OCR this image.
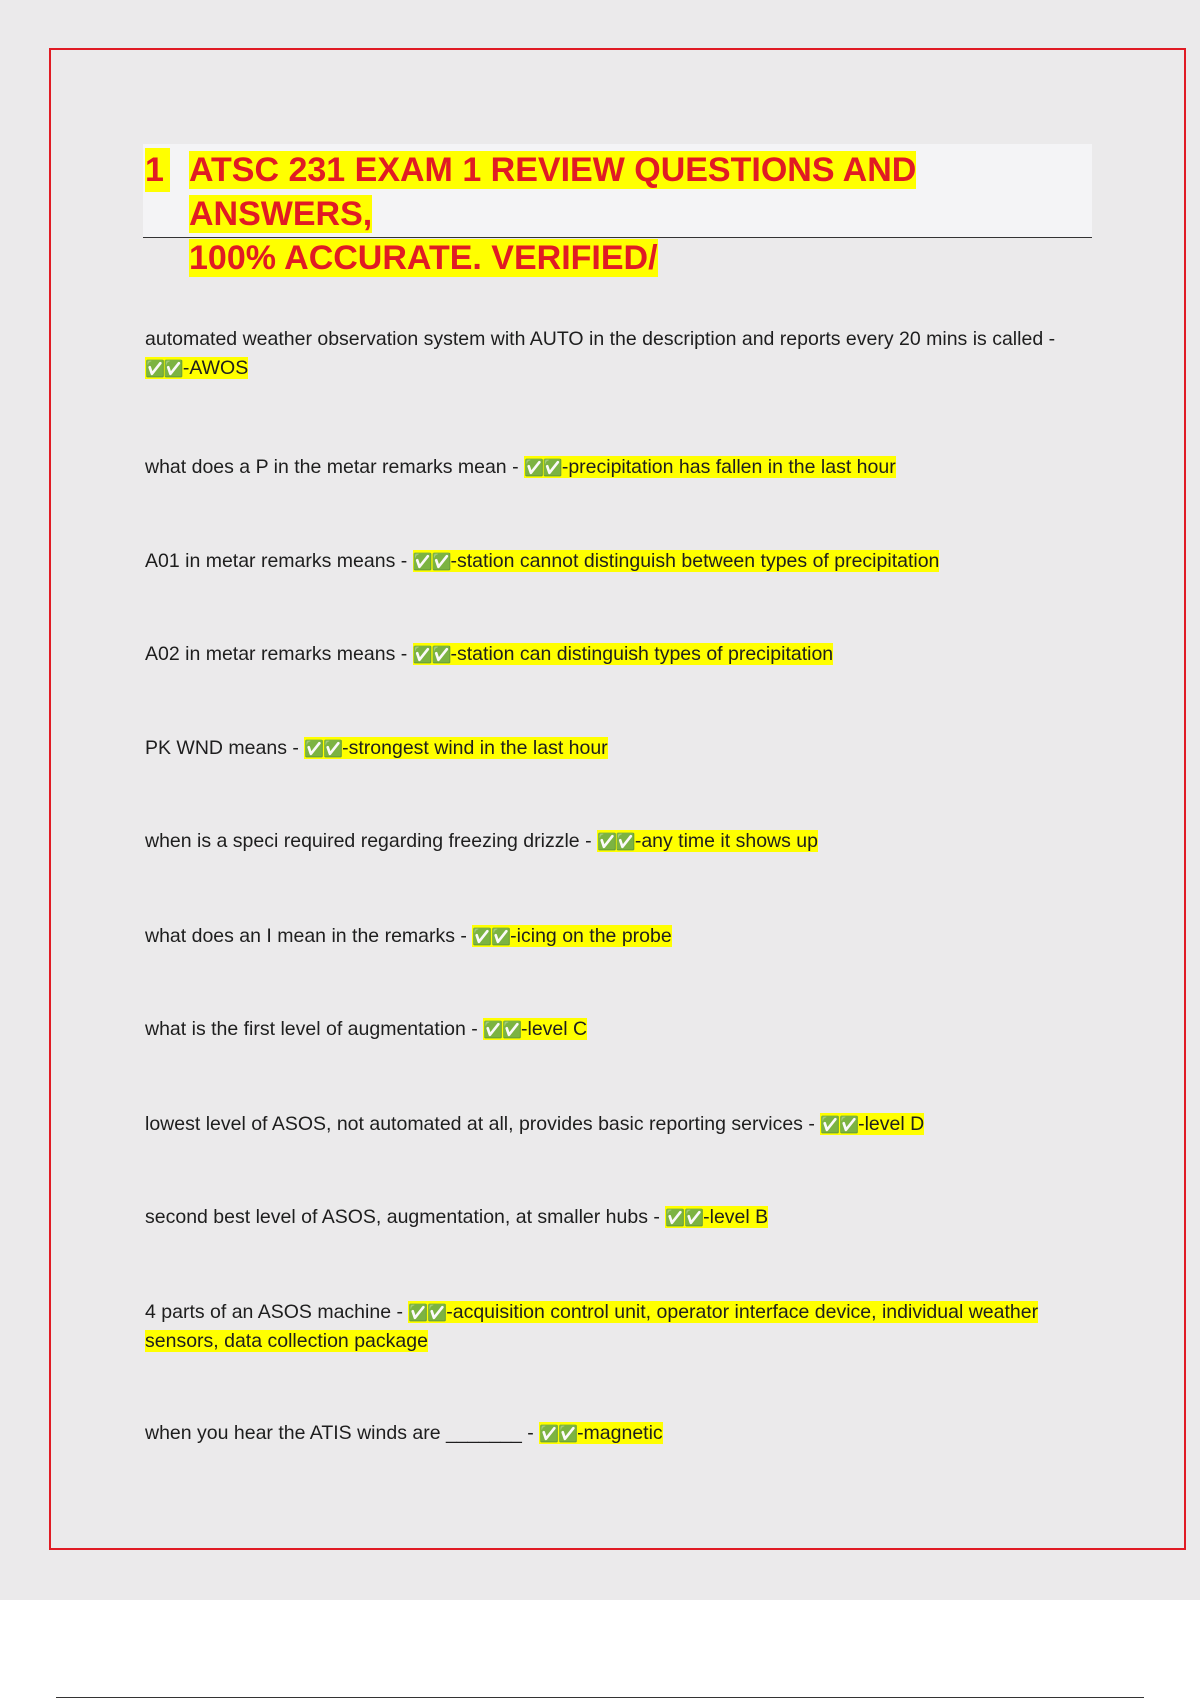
1 ATSC 231 EXAM 1 REVIEW QUESTIONS AND ANSWERS,
100% ACCURATE. VERIFIED/
automated weather observation system with AUTO in the description and reports every 20 mins is called - ✅✅-AWOS
what does a P in the metar remarks mean - ✅✅-precipitation has fallen in the last hour
A01 in metar remarks means - ✅✅-station cannot distinguish between types of precipitation
A02 in metar remarks means - ✅✅-station can distinguish types of precipitation
PK WND means - ✅✅-strongest wind in the last hour
when is a speci required regarding freezing drizzle - ✅✅-any time it shows up
what does an I mean in the remarks - ✅✅-icing on the probe
what is the first level of augmentation - ✅✅-level C
lowest level of ASOS, not automated at all, provides basic reporting services - ✅✅-level D
second best level of ASOS, augmentation, at smaller hubs - ✅✅-level B
4 parts of an ASOS machine - ✅✅-acquisition control unit, operator interface device, individual weather sensors, data collection package
when you hear the ATIS winds are _______ - ✅✅-magnetic
